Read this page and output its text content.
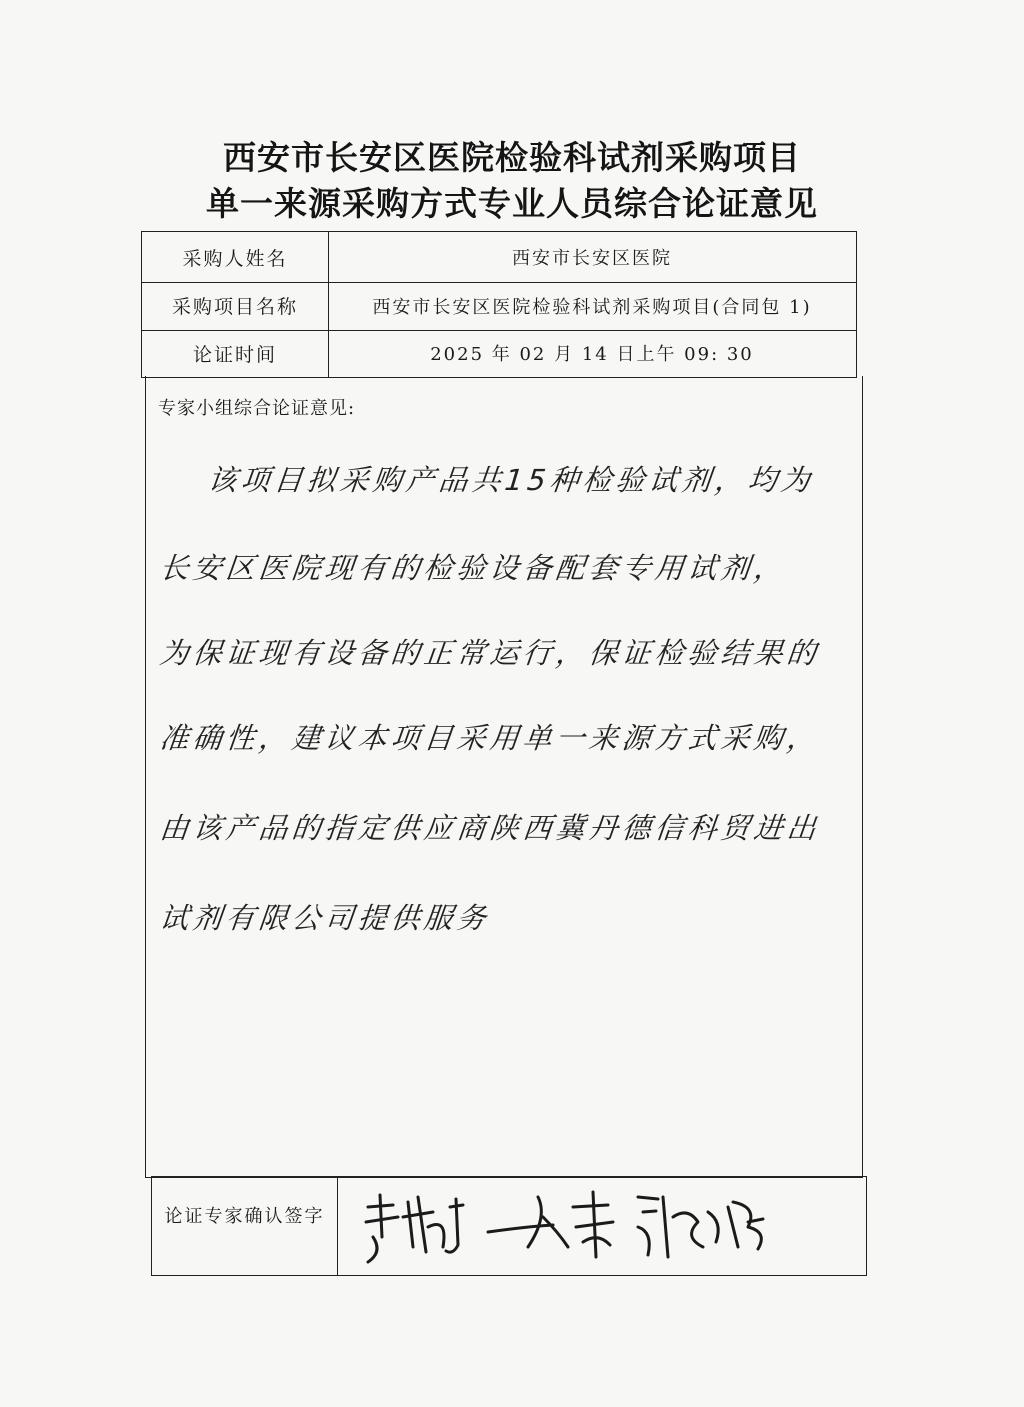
西安市长安区医院检验科试剂采购项目
单一来源采购方式专业人员综合论证意见
采购人姓名	西安市长安区医院
采购项目名称	西安市长安区医院检验科试剂采购项目(合同包 1)
论证时间	2025 年 02 月 14 日上午 09: 30
专家小组综合论证意见:
该项目拟采购产品共15种检验试剂，均为
长安区医院现有的检验设备配套专用试剂，
为保证现有设备的正常运行，保证检验结果的
准确性，建议本项目采用单一来源方式采购，
由该产品的指定供应商陕西冀丹德信科贸进出
试剂有限公司提供服务
论证专家确认签字
